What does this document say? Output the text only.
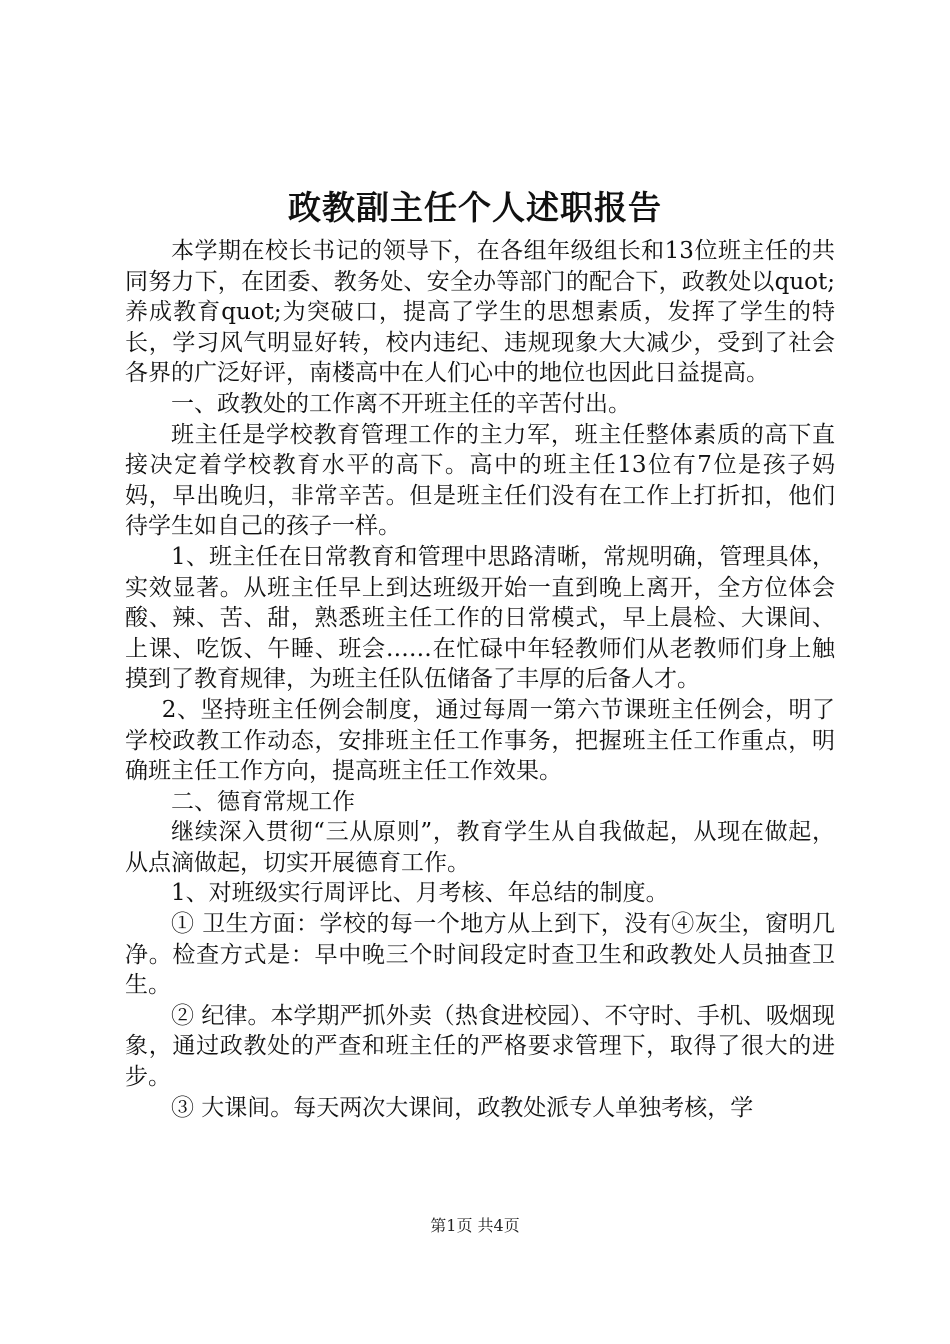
政教副主任个人述职报告

本学期在校长书记的领导下，在各组年级组长和13位班主任的共同努力下，在团委、教务处、安全办等部门的配合下，政教处以quot;养成教育quot;为突破口，提高了学生的思想素质，发挥了学生的特长，学习风气明显好转，校内违纪、违规现象大大减少，受到了社会各界的广泛好评，南楼高中在人们心中的地位也因此日益提高。

一、政教处的工作离不开班主任的辛苦付出。

班主任是学校教育管理工作的主力军，班主任整体素质的高下直接决定着学校教育水平的高下。高中的班主任13位有7位是孩子妈妈，早出晚归，非常辛苦。但是班主任们没有在工作上打折扣，他们待学生如自己的孩子一样。

1、班主任在日常教育和管理中思路清晰，常规明确，管理具体，实效显著。从班主任早上到达班级开始一直到晚上离开，全方位体会酸、辣、苦、甜，熟悉班主任工作的日常模式，早上晨检、大课间、上课、吃饭、午睡、班会……在忙碌中年轻教师们从老教师们身上触摸到了教育规律，为班主任队伍储备了丰厚的后备人才。

2、坚持班主任例会制度，通过每周一第六节课班主任例会，明了学校政教工作动态，安排班主任工作事务，把握班主任工作重点，明确班主任工作方向，提高班主任工作效果。

二、德育常规工作

继续深入贯彻“三从原则”，教育学生从自我做起，从现在做起，从点滴做起，切实开展德育工作。

1、对班级实行周评比、月考核、年总结的制度。

① 卫生方面：学校的每一个地方从上到下，没有④灰尘，窗明几净。检查方式是：早中晚三个时间段定时查卫生和政教处人员抽查卫生。

② 纪律。本学期严抓外卖（热食进校园）、不守时、手机、吸烟现象，通过政教处的严查和班主任的严格要求管理下，取得了很大的进步。

③ 大课间。每天两次大课间，政教处派专人单独考核，学

第1页 共4页
